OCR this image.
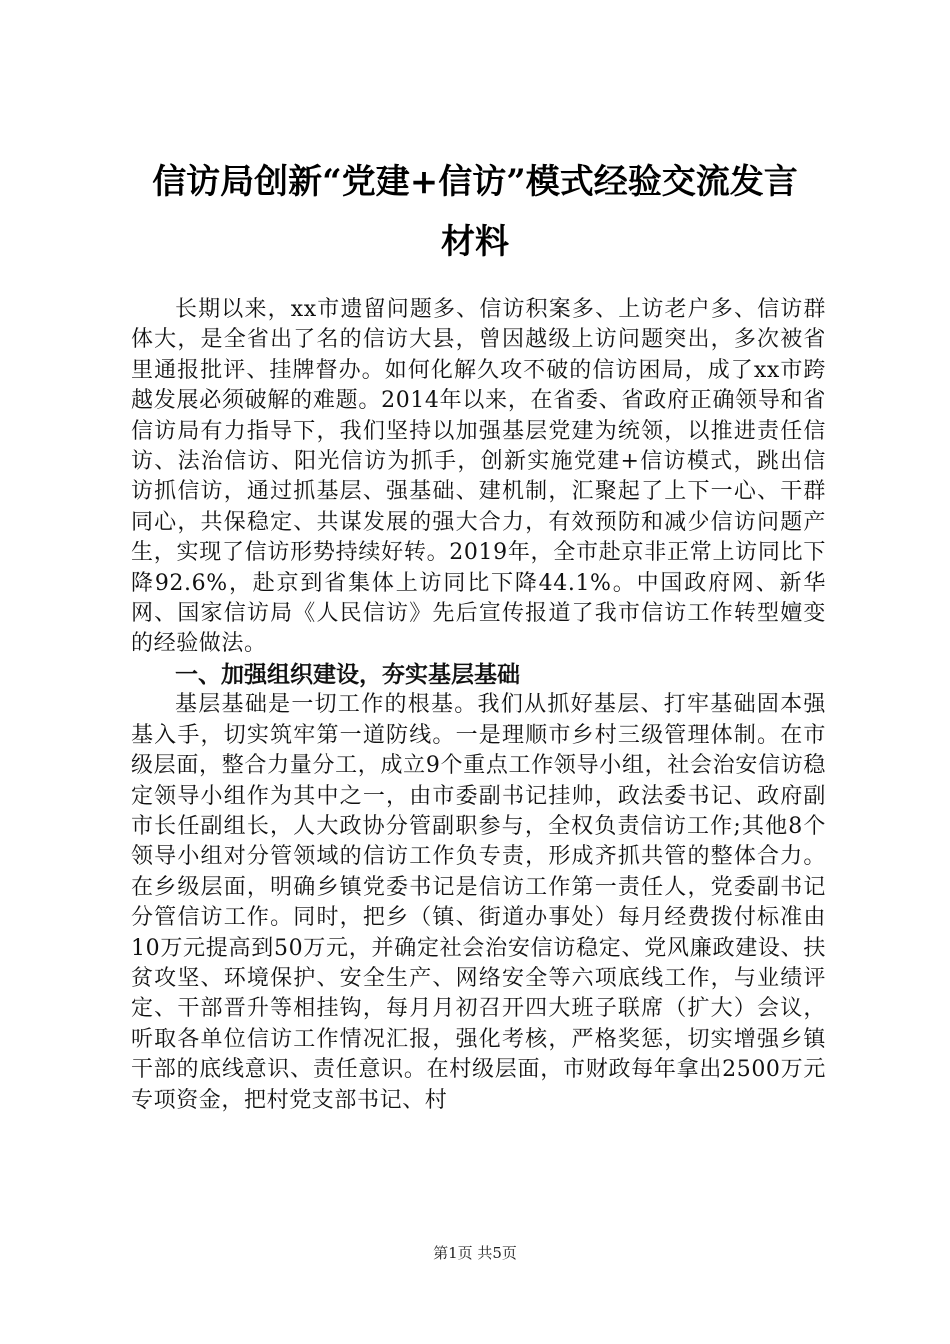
信访局创新“党建+信访”模式经验交流发言
材料

长期以来，xx市遗留问题多、信访积案多、上访老户多、信访群体大，是全省出了名的信访大县，曾因越级上访问题突出，多次被省里通报批评、挂牌督办。如何化解久攻不破的信访困局，成了xx市跨越发展必须破解的难题。2014年以来，在省委、省政府正确领导和省信访局有力指导下，我们坚持以加强基层党建为统领，以推进责任信访、法治信访、阳光信访为抓手，创新实施党建+信访模式，跳出信访抓信访，通过抓基层、强基础、建机制，汇聚起了上下一心、干群同心，共保稳定、共谋发展的强大合力，有效预防和减少信访问题产生，实现了信访形势持续好转。2019年，全市赴京非正常上访同比下降92.6%，赴京到省集体上访同比下降44.1%。中国政府网、新华网、国家信访局《人民信访》先后宣传报道了我市信访工作转型嬗变的经验做法。

一、加强组织建设，夯实基层基础

基层基础是一切工作的根基。我们从抓好基层、打牢基础固本强基入手，切实筑牢第一道防线。一是理顺市乡村三级管理体制。在市级层面，整合力量分工，成立9个重点工作领导小组，社会治安信访稳定领导小组作为其中之一，由市委副书记挂帅，政法委书记、政府副市长任副组长，人大政协分管副职参与，全权负责信访工作;其他8个领导小组对分管领域的信访工作负专责，形成齐抓共管的整体合力。在乡级层面，明确乡镇党委书记是信访工作第一责任人，党委副书记分管信访工作。同时，把乡（镇、街道办事处）每月经费拨付标准由10万元提高到50万元，并确定社会治安信访稳定、党风廉政建设、扶贫攻坚、环境保护、安全生产、网络安全等六项底线工作，与业绩评定、干部晋升等相挂钩，每月月初召开四大班子联席（扩大）会议，听取各单位信访工作情况汇报，强化考核，严格奖惩，切实增强乡镇干部的底线意识、责任意识。在村级层面，市财政每年拿出2500万元专项资金，把村党支部书记、村

第1页 共5页
